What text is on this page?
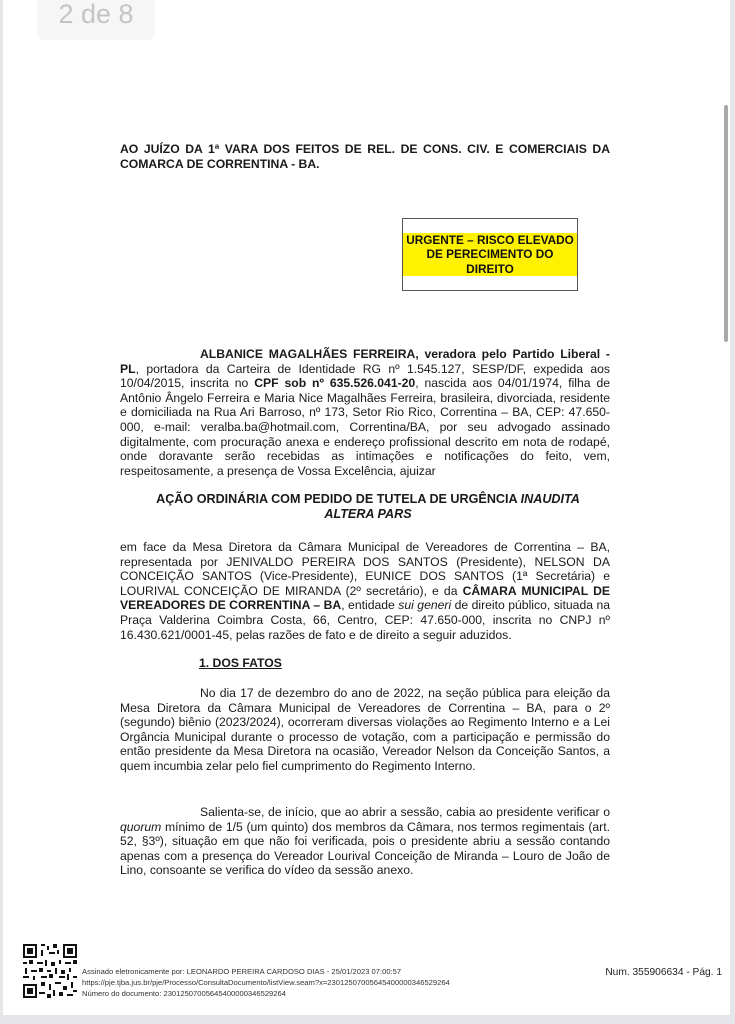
2 de 8
AO JUÍZO DA 1ª VARA DOS FEITOS DE REL. DE CONS. CIV. E COMERCIAIS DA COMARCA DE CORRENTINA - BA.
URGENTE – RISCO ELEVADO DE PERECIMENTO DO DIREITO
ALBANICE MAGALHÃES FERREIRA, veradora pelo Partido Liberal - PL, portadora da Carteira de Identidade RG nº 1.545.127, SESP/DF, expedida aos 10/04/2015, inscrita no CPF sob nº 635.526.041-20, nascida aos 04/01/1974, filha de Antônio Ângelo Ferreira e Maria Nice Magalhães Ferreira, brasileira, divorciada, residente e domiciliada na Rua Ari Barroso, nº 173, Setor Rio Rico, Correntina – BA, CEP: 47.650-000, e-mail: veralba.ba@hotmail.com, Correntina/BA, por seu advogado assinado digitalmente, com procuração anexa e endereço profissional descrito em nota de rodapé, onde doravante serão recebidas as intimações e notificações do feito, vem, respeitosamente, a presença de Vossa Excelência, ajuizar
AÇÃO ORDINÁRIA COM PEDIDO DE TUTELA DE URGÊNCIA INAUDITA ALTERA PARS
em face da Mesa Diretora da Câmara Municipal de Vereadores de Correntina – BA, representada por JENIVALDO PEREIRA DOS SANTOS (Presidente), NELSON DA CONCEIÇÃO SANTOS (Vice-Presidente), EUNICE DOS SANTOS (1ª Secretária) e LOURIVAL CONCEIÇÃO DE MIRANDA (2º secretário), e da CÂMARA MUNICIPAL DE VEREADORES DE CORRENTINA – BA, entidade sui generi de direito público, situada na Praça Valderina Coimbra Costa, 66, Centro, CEP: 47.650-000, inscrita no CNPJ nº 16.430.621/0001-45, pelas razões de fato e de direito a seguir aduzidos.
1. DOS FATOS
No dia 17 de dezembro do ano de 2022, na seção pública para eleição da Mesa Diretora da Câmara Municipal de Vereadores de Correntina – BA, para o 2º (segundo) biênio (2023/2024), ocorreram diversas violações ao Regimento Interno e a Lei Orgância Municipal durante o processo de votação, com a participação e permissão do então presidente da Mesa Diretora na ocasião, Vereador Nelson da Conceição Santos, a quem incumbia zelar pelo fiel cumprimento do Regimento Interno.
Salienta-se, de início, que ao abrir a sessão, cabia ao presidente verificar o quorum mínimo de 1/5 (um quinto) dos membros da Câmara, nos termos regimentais (art. 52, §3º), situação em que não foi verificada, pois o presidente abriu a sessão contando apenas com a presença do Vereador Lourival Conceição de Miranda – Louro de João de Lino, consoante se verifica do vídeo da sessão anexo.
Assinado eletronicamente por: LEONARDO PEREIRA CARDOSO DIAS - 25/01/2023 07:00:57
https://pje.tjba.jus.br/pje/Processo/ConsultaDocumento/listView.seam?x=23012507005645400000346529264
Número do documento: 23012507005645400000346529264
Num. 355906634 - Pág. 1
